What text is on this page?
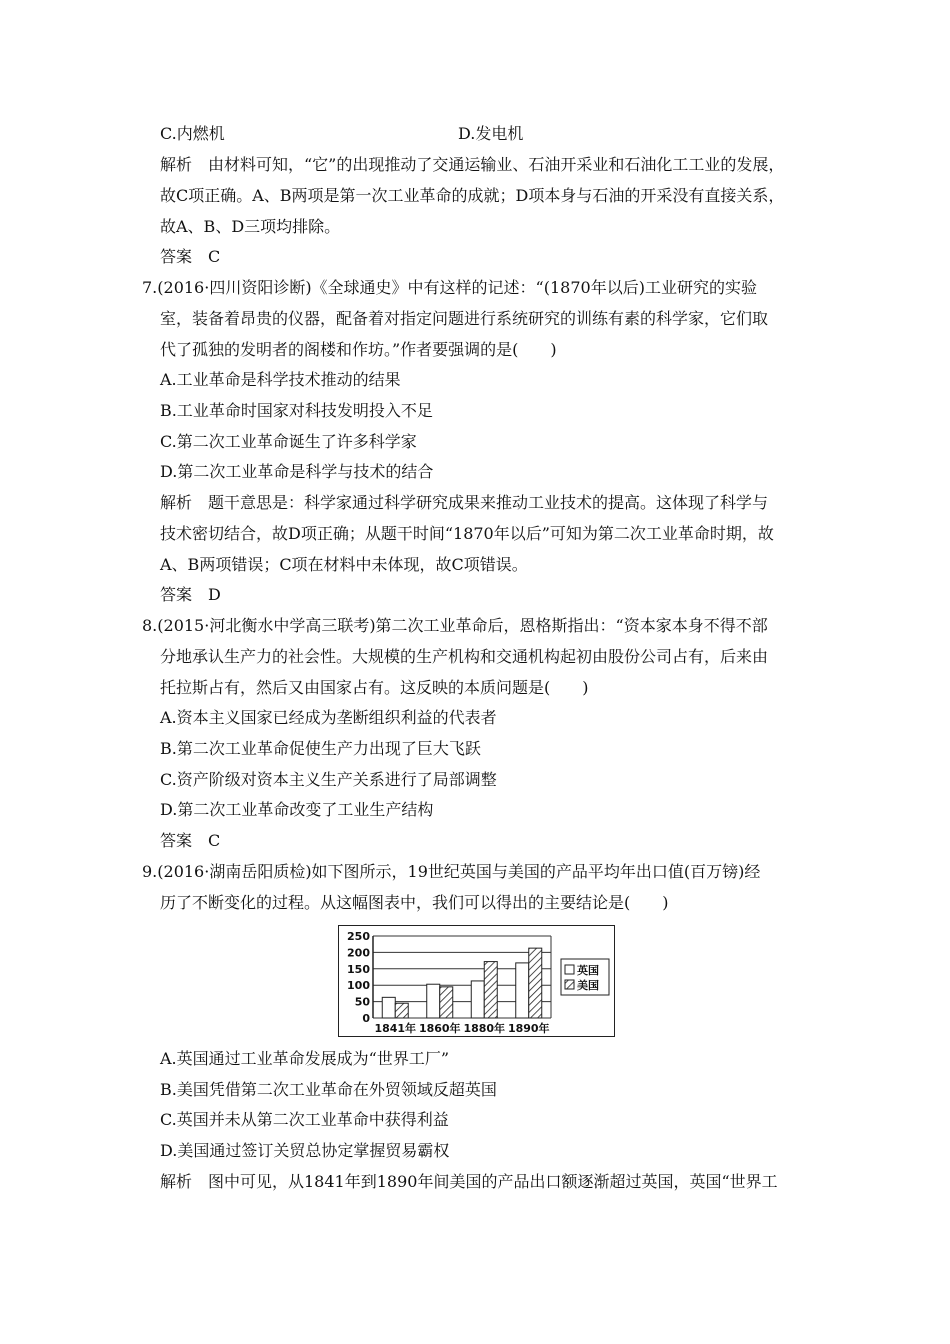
C.内燃机	D.发电机
解析　由材料可知，“它”的出现推动了交通运输业、石油开采业和石油化工工业的发展，
故C项正确。A、B两项是第一次工业革命的成就；D项本身与石油的开采没有直接关系，
故A、B、D三项均排除。
答案　C
7.(2016·四川资阳诊断)《全球通史》中有这样的记述：“(1870年以后)工业研究的实验
室，装备着昂贵的仪器，配备着对指定问题进行系统研究的训练有素的科学家，它们取
代了孤独的发明者的阁楼和作坊。”作者要强调的是(　　)
A.工业革命是科学技术推动的结果
B.工业革命时国家对科技发明投入不足
C.第二次工业革命诞生了许多科学家
D.第二次工业革命是科学与技术的结合
解析　题干意思是：科学家通过科学研究成果来推动工业技术的提高。这体现了科学与
技术密切结合，故D项正确；从题干时间“1870年以后”可知为第二次工业革命时期，故
A、B两项错误；C项在材料中未体现，故C项错误。
答案　D
8.(2015·河北衡水中学高三联考)第二次工业革命后，恩格斯指出：“资本家本身不得不部
分地承认生产力的社会性。大规模的生产机构和交通机构起初由股份公司占有，后来由
托拉斯占有，然后又由国家占有。这反映的本质问题是(　　)
A.资本主义国家已经成为垄断组织利益的代表者
B.第二次工业革命促使生产力出现了巨大飞跃
C.资产阶级对资本主义生产关系进行了局部调整
D.第二次工业革命改变了工业生产结构
答案　C
9.(2016·湖南岳阳质检)如下图所示，19世纪英国与美国的产品平均年出口值(百万镑)经
历了不断变化的过程。从这幅图表中，我们可以得出的主要结论是(　　)
0
50
100
150
200
250
1841年 1860年 1880年 1890年
英国
美国
A.英国通过工业革命发展成为“世界工厂”
B.美国凭借第二次工业革命在外贸领域反超英国
C.英国并未从第二次工业革命中获得利益
D.美国通过签订关贸总协定掌握贸易霸权
解析　图中可见，从1841年到1890年间美国的产品出口额逐渐超过英国，英国“世界工
